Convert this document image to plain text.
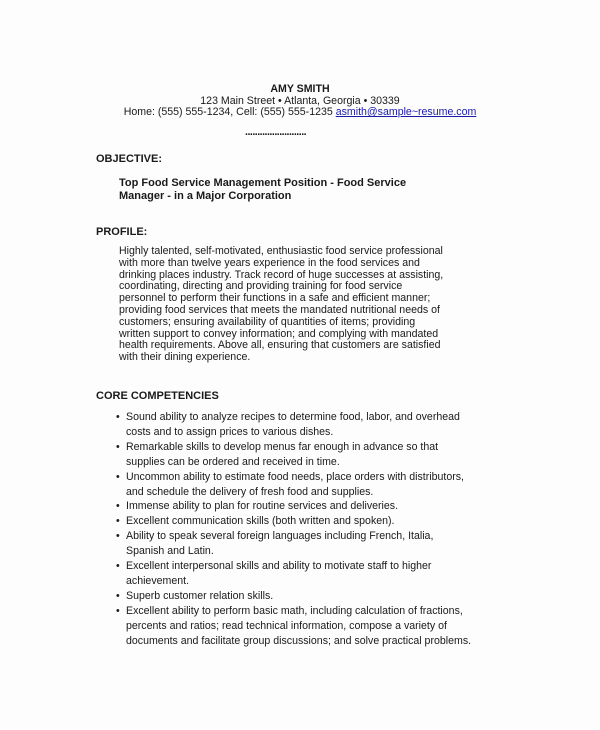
AMY SMITH
123 Main Street • Atlanta, Georgia • 30339
Home: (555) 555-1234, Cell: (555) 555-1235 asmith@sample~resume.com
.........................
OBJECTIVE:
Top Food Service Management Position - Food Service
Manager - in a Major Corporation
PROFILE:
Highly talented, self-motivated, enthusiastic food service professional
with more than twelve years experience in the food services and
drinking places industry. Track record of huge successes at assisting,
coordinating, directing and providing training for food service
personnel to perform their functions in a safe and efficient manner;
providing food services that meets the mandated nutritional needs of
customers; ensuring availability of quantities of items; providing
written support to convey information; and complying with mandated
health requirements. Above all, ensuring that customers are satisfied
with their dining experience.
CORE COMPETENCIES
• Sound ability to analyze recipes to determine food, labor, and overhead
costs and to assign prices to various dishes.
• Remarkable skills to develop menus far enough in advance so that
supplies can be ordered and received in time.
• Uncommon ability to estimate food needs, place orders with distributors,
and schedule the delivery of fresh food and supplies.
• Immense ability to plan for routine services and deliveries.
• Excellent communication skills (both written and spoken).
• Ability to speak several foreign languages including French, Italia,
Spanish and Latin.
• Excellent interpersonal skills and ability to motivate staff to higher
achievement.
• Superb customer relation skills.
• Excellent ability to perform basic math, including calculation of fractions,
percents and ratios; read technical information, compose a variety of
documents and facilitate group discussions; and solve practical problems.
